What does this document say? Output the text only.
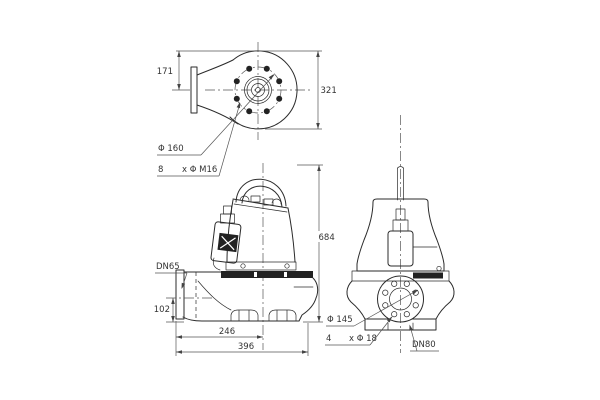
171
321
Φ 160
8 x Φ M16
684
102
246
396
DN65
Φ 145
4 x Φ 18
DN80
